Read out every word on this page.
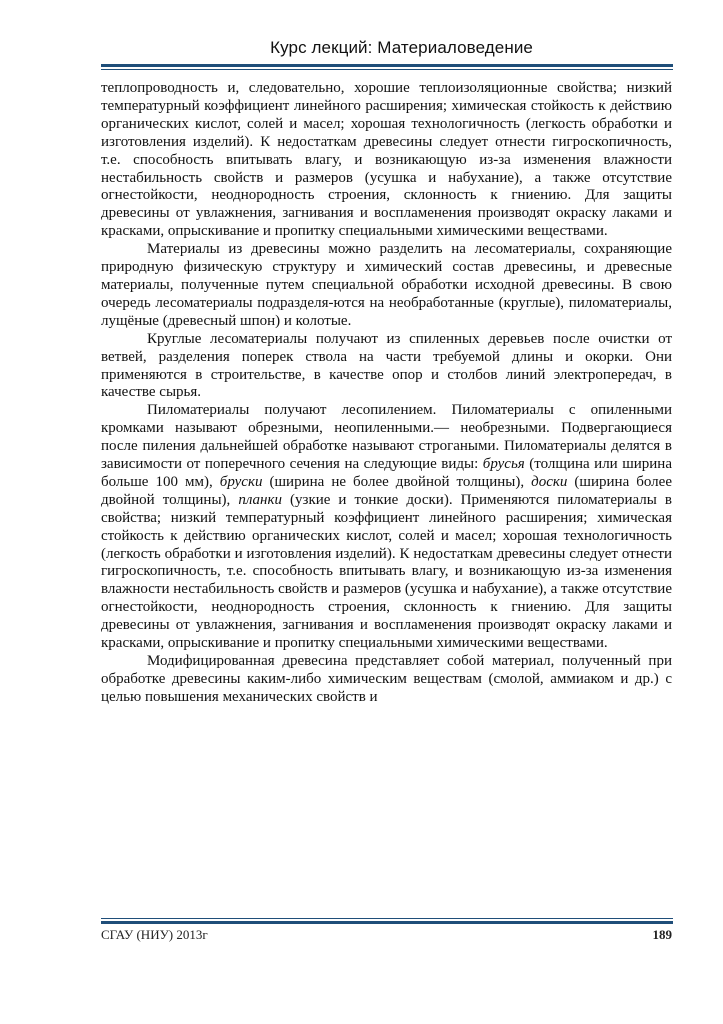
Курс лекций: Материаловедение

теплопроводность и, следовательно, хорошие теплоизоляционные свойства; низкий температурный коэффициент линейного расширения; химическая стойкость к действию органических кислот, солей и масел; хорошая технологичность (легкость обработки и изготовления изделий). К недостаткам древесины следует отнести гигроскопичность, т.е. способность впитывать влагу, и возникающую из-за изменения влажности нестабильность свойств и размеров (усушка и набухание), а также отсутствие огнестойкости, неоднородность строения, склонность к гниению. Для защиты древесины от увлажнения, загнивания и воспламенения производят окраску лаками и красками, опрыскивание и пропитку специальными химическими веществами.

Материалы из древесины можно разделить на лесоматериалы, сохраняющие природную физическую структуру и химический состав древесины, и древесные материалы, полученные путем специальной обработки исходной древесины. В свою очередь лесоматериалы подразделя-ются на необработанные (круглые), пиломатериалы, лущёные (древесный шпон) и колотые.

Круглые лесоматериалы получают из спиленных деревьев после очистки от ветвей, разделения поперек ствола на части требуемой длины и окорки. Они применяются в строительстве, в качестве опор и столбов линий электропередач, в качестве сырья.

Пиломатериалы получают лесопилением. Пиломатериалы с опиленными кромками называют обрезными, неопиленными.— необрезными. Подвергающиеся после пиления дальнейшей обработке называют строгаными. Пиломатериалы делятся в зависимости от поперечного сечения на следующие виды: брусья (толщина или ширина больше 100 мм), бруски (ширина не более двойной толщины), доски (ширина более двойной толщины), планки (узкие и тонкие доски). Применяются пиломатериалы в свойства; низкий температурный коэффициент линейного расширения; химическая стойкость к действию органических кислот, солей и масел; хорошая технологичность (легкость обработки и изготовления изделий). К недостаткам древесины следует отнести гигроскопичность, т.е. способность впитывать влагу, и возникающую из-за изменения влажности нестабильность свойств и размеров (усушка и набухание), а также отсутствие огнестойкости, неоднородность строения, склонность к гниению. Для защиты древесины от увлажнения, загнивания и воспламенения производят окраску лаками и красками, опрыскивание и пропитку специальными химическими веществами.

Модифицированная древесина представляет собой материал, полученный при обработке древесины каким-либо химическим веществам (смолой, аммиаком и др.) с целью повышения механических свойств и

СГАУ (НИУ) 2013г	189
